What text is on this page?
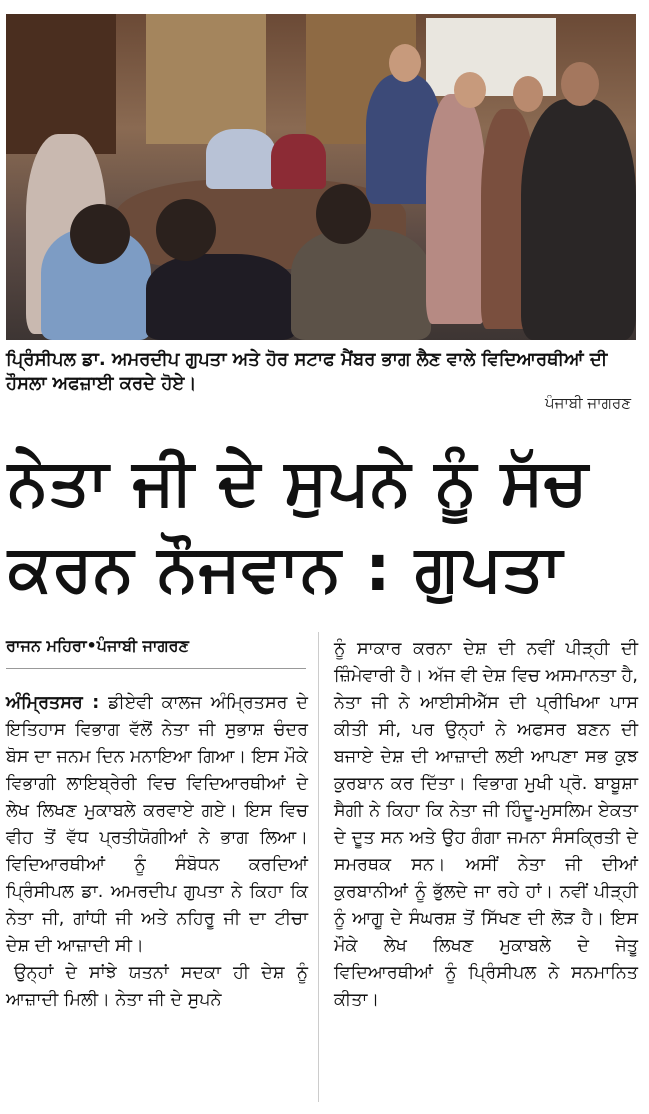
ਪ੍ਰਿੰਸੀਪਲ ਡਾ. ਅਮਰਦੀਪ ਗੁਪਤਾ ਅਤੇ ਹੋਰ ਸਟਾਫ ਮੈਂਬਰ ਭਾਗ ਲੈਣ ਵਾਲੇ ਵਿਦਿਆਰਥੀਆਂ ਦੀ ਹੌਸਲਾ ਅਫਜ਼ਾਈ ਕਰਦੇ ਹੋਏ।
ਪੰਜਾਬੀ ਜਾਗਰਣ
ਨੇਤਾ ਜੀ ਦੇ ਸੁਪਨੇ ਨੂੰ ਸੱਚ
ਕਰਨ ਨੌਜਵਾਨ : ਗੁਪਤਾ
ਰਾਜਨ ਮਹਿਰਾ•ਪੰਜਾਬੀ ਜਾਗਰਣ

ਅੰਮ੍ਰਿਤਸਰ : ਡੀਏਵੀ ਕਾਲਜ ਅੰਮ੍ਰਿਤਸਰ ਦੇ ਇਤਿਹਾਸ ਵਿਭਾਗ ਵੱਲੋਂ ਨੇਤਾ ਜੀ ਸੁਭਾਸ਼ ਚੰਦਰ ਬੋਸ ਦਾ ਜਨਮ ਦਿਨ ਮਨਾਇਆ ਗਿਆ। ਇਸ ਮੌਕੇ ਵਿਭਾਗੀ ਲਾਇਬ੍ਰੇਰੀ ਵਿਚ ਵਿਦਿਆਰਥੀਆਂ ਦੇ ਲੇਖ ਲਿਖਣ ਮੁਕਾਬਲੇ ਕਰਵਾਏ ਗਏ। ਇਸ ਵਿਚ ਵੀਹ ਤੋਂ ਵੱਧ ਪ੍ਰਤੀਯੋਗੀਆਂ ਨੇ ਭਾਗ ਲਿਆ। ਵਿਦਿਆਰਥੀਆਂ ਨੂੰ ਸੰਬੋਧਨ ਕਰਦਿਆਂ ਪ੍ਰਿੰਸੀਪਲ ਡਾ. ਅਮਰਦੀਪ ਗੁਪਤਾ ਨੇ ਕਿਹਾ ਕਿ ਨੇਤਾ ਜੀ, ਗਾਂਧੀ ਜੀ ਅਤੇ ਨਹਿਰੂ ਜੀ ਦਾ ਟੀਚਾ ਦੇਸ਼ ਦੀ ਆਜ਼ਾਦੀ ਸੀ।

ਉਨ੍ਹਾਂ ਦੇ ਸਾਂਝੇ ਯਤਨਾਂ ਸਦਕਾ ਹੀ ਦੇਸ਼ ਨੂੰ ਆਜ਼ਾਦੀ ਮਿਲੀ। ਨੇਤਾ ਜੀ ਦੇ ਸੁਪਨੇ

ਨੂੰ ਸਾਕਾਰ ਕਰਨਾ ਦੇਸ਼ ਦੀ ਨਵੀਂ ਪੀੜ੍ਹੀ ਦੀ ਜ਼ਿੰਮੇਵਾਰੀ ਹੈ। ਅੱਜ ਵੀ ਦੇਸ਼ ਵਿਚ ਅਸਮਾਨਤਾ ਹੈ, ਨੇਤਾ ਜੀ ਨੇ ਆਈਸੀਐੱਸ ਦੀ ਪ੍ਰੀਖਿਆ ਪਾਸ ਕੀਤੀ ਸੀ, ਪਰ ਉਨ੍ਹਾਂ ਨੇ ਅਫਸਰ ਬਣਨ ਦੀ ਬਜਾਏ ਦੇਸ਼ ਦੀ ਆਜ਼ਾਦੀ ਲਈ ਆਪਣਾ ਸਭ ਕੁਝ ਕੁਰਬਾਨ ਕਰ ਦਿੱਤਾ। ਵਿਭਾਗ ਮੁਖੀ ਪ੍ਰੋ. ਬਾਬੂਸ਼ਾ ਸੈਗੀ ਨੇ ਕਿਹਾ ਕਿ ਨੇਤਾ ਜੀ ਹਿੰਦੂ-ਮੁਸਲਿਮ ਏਕਤਾ ਦੇ ਦੂਤ ਸਨ ਅਤੇ ਉਹ ਗੰਗਾ ਜਮਨਾ ਸੰਸਕ੍ਰਿਤੀ ਦੇ ਸਮਰਥਕ ਸਨ। ਅਸੀਂ ਨੇਤਾ ਜੀ ਦੀਆਂ ਕੁਰਬਾਨੀਆਂ ਨੂੰ ਭੁੱਲਦੇ ਜਾ ਰਹੇ ਹਾਂ। ਨਵੀਂ ਪੀੜ੍ਹੀ ਨੂੰ ਆਗੂ ਦੇ ਸੰਘਰਸ਼ ਤੋਂ ਸਿੱਖਣ ਦੀ ਲੋੜ ਹੈ। ਇਸ ਮੌਕੇ ਲੇਖ ਲਿਖਣ ਮੁਕਾਬਲੇ ਦੇ ਜੇਤੂ ਵਿਦਿਆਰਥੀਆਂ ਨੂੰ ਪ੍ਰਿੰਸੀਪਲ ਨੇ ਸਨਮਾਨਿਤ ਕੀਤਾ।
